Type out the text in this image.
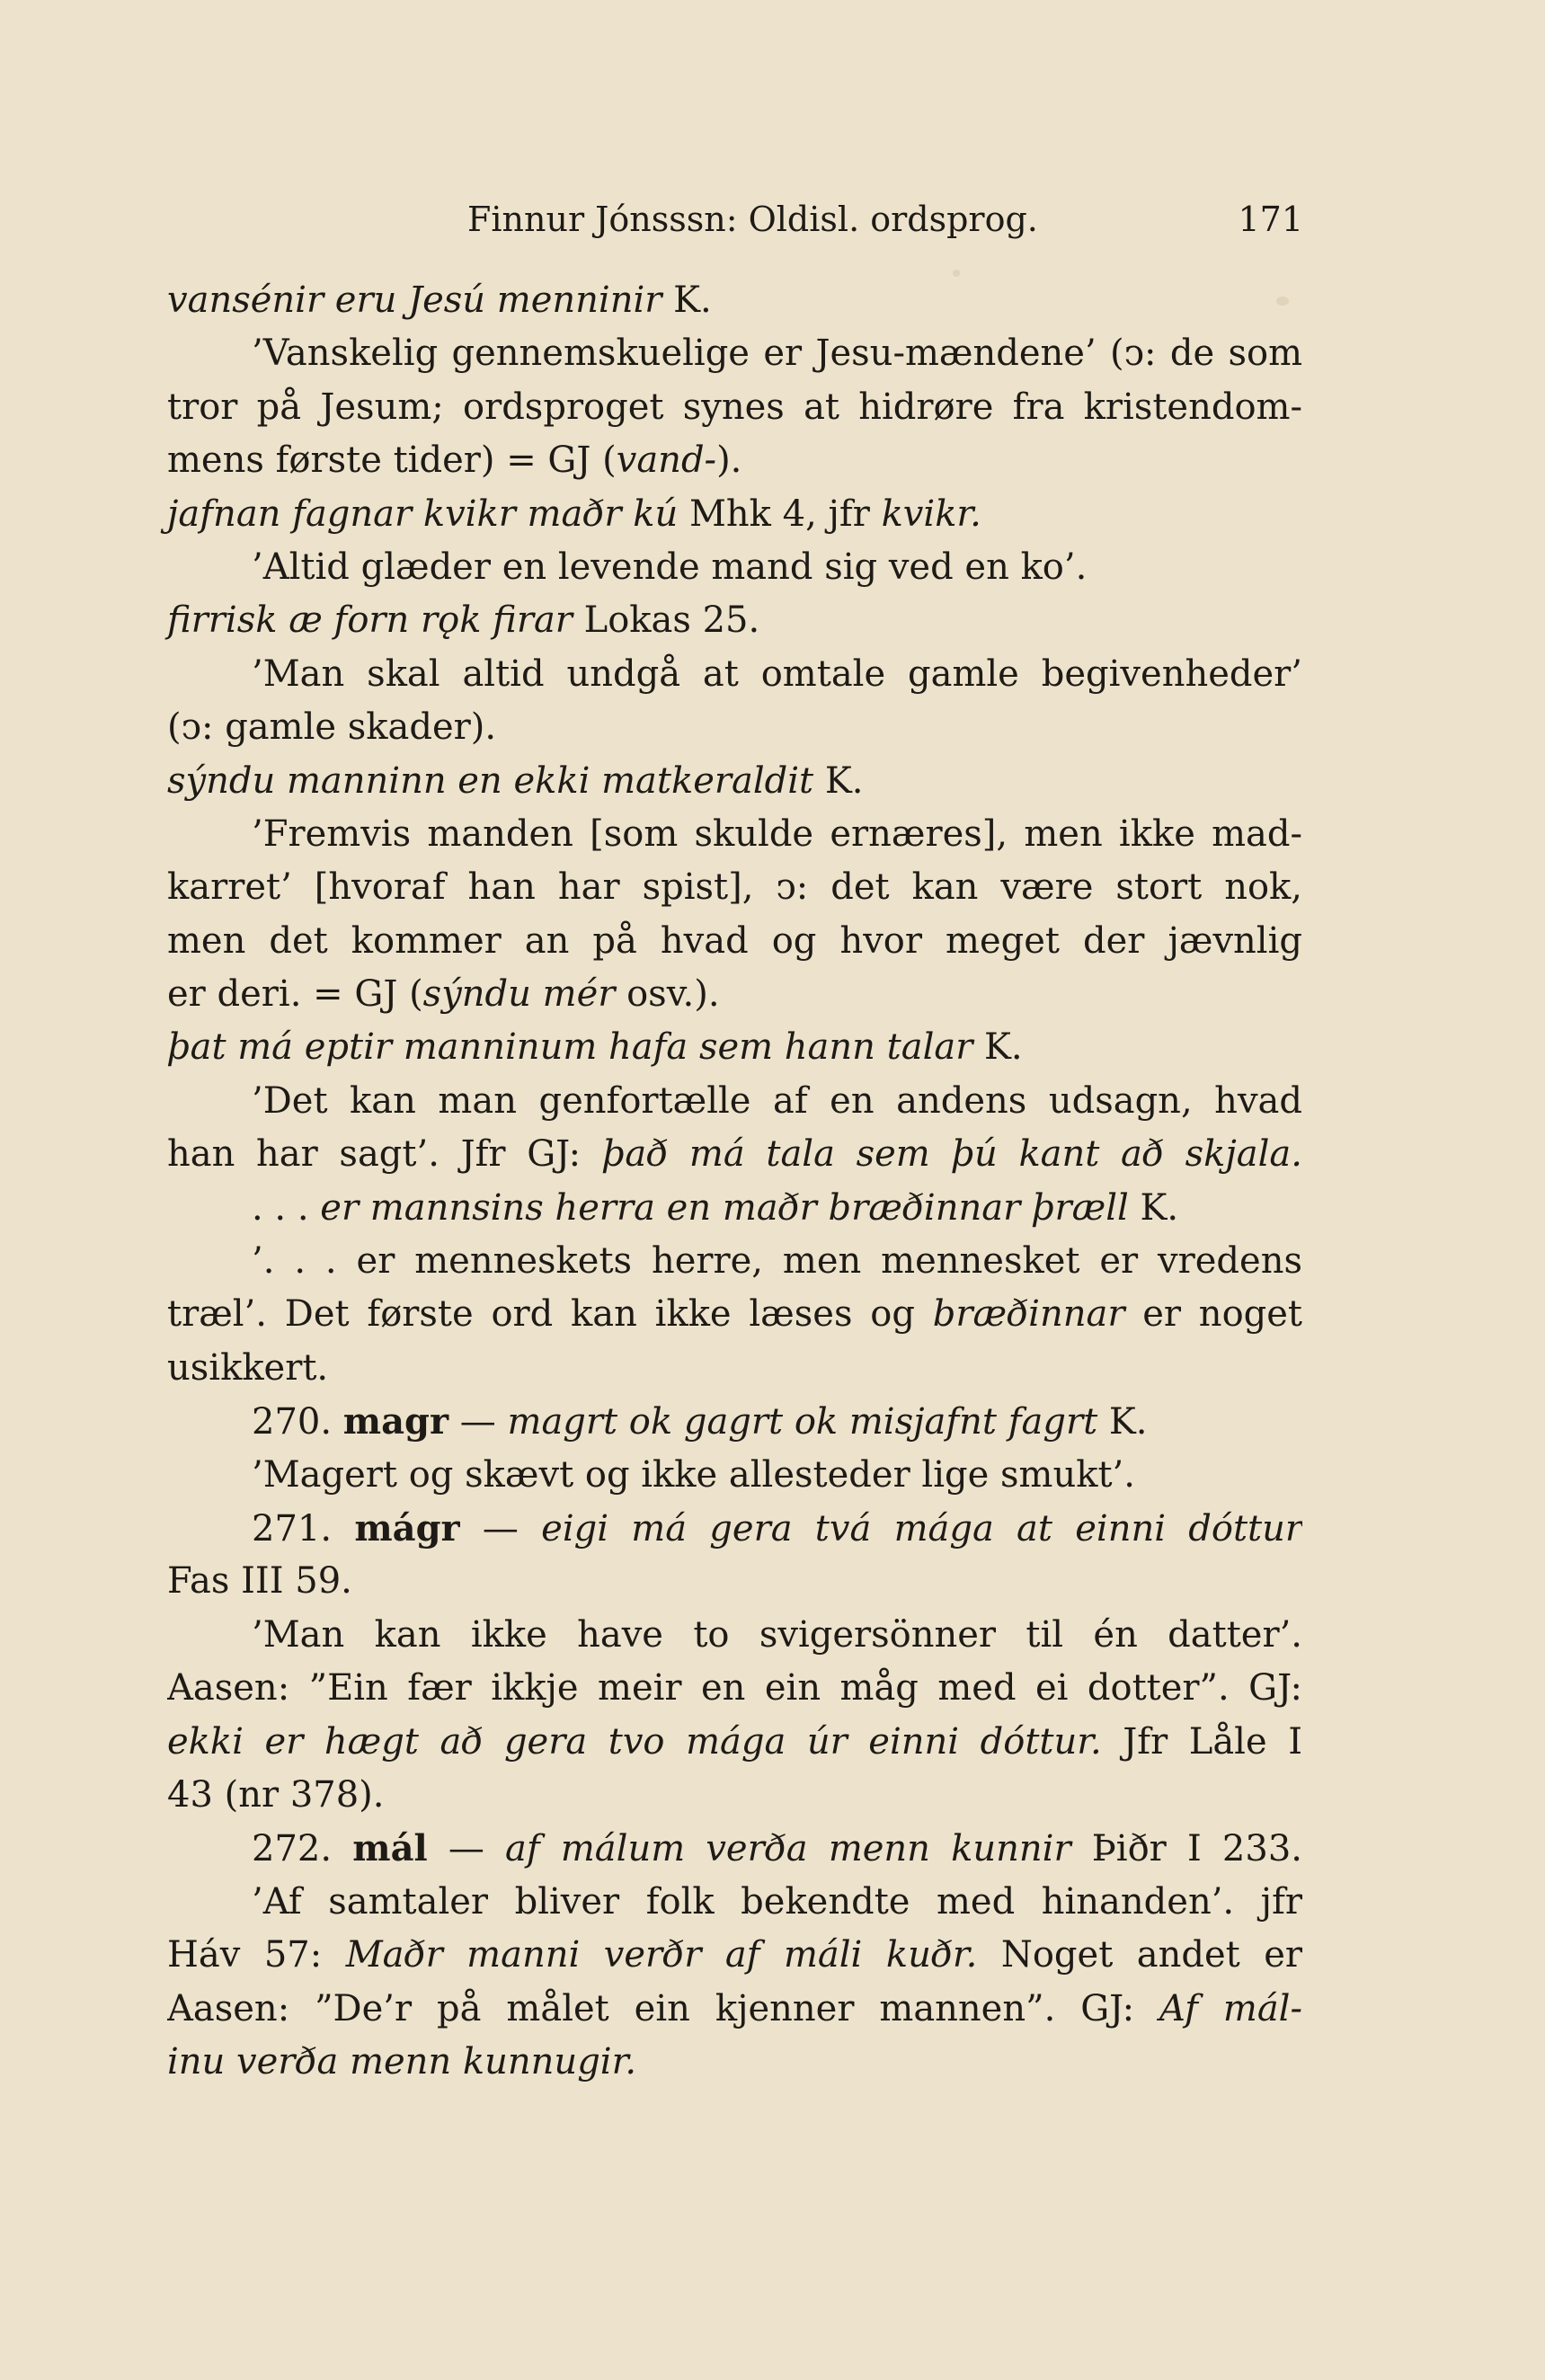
Finnur Jónsssn: Oldisl. ordsprog.	171
vansénir eru Jesú menninir K.
’Vanskelig gennemskuelige er Jesu-mændene’ (ↄ: de som
tror på Jesum; ordsproget synes at hidrøre fra kristendom-
mens første tider) = GJ (vand-).
jafnan fagnar kvikr maðr kú Mhk 4, jfr kvikr.
’Altid glæder en levende mand sig ved en ko’.
firrisk æ forn rǫk firar Lokas 25.
’Man skal altid undgå at omtale gamle begivenheder’
(ↄ: gamle skader).
sýndu manninn en ekki matkeraldit K.
’Fremvis manden [som skulde ernæres], men ikke mad-
karret’ [hvoraf han har spist], ↄ: det kan være stort nok,
men det kommer an på hvad og hvor meget der jævnlig
er deri. = GJ (sýndu mér osv.).
þat má eptir manninum hafa sem hann talar K.
’Det kan man genfortælle af en andens udsagn, hvad
han har sagt’. Jfr GJ: það má tala sem þú kant að skjala.
. . . er mannsins herra en maðr bræðinnar þræll K.
’. . . er menneskets herre, men mennesket er vredens
træl’. Det første ord kan ikke læses og bræðinnar er noget
usikkert.
270. magr — magrt ok gagrt ok misjafnt fagrt K.
’Magert og skævt og ikke allesteder lige smukt’.
271. mágr — eigi má gera tvá mága at einni dóttur
Fas III 59.
’Man kan ikke have to svigersönner til én datter’.
Aasen: ”Ein fær ikkje meir en ein måg med ei dotter”. GJ:
ekki er hægt að gera tvo mága úr einni dóttur. Jfr Låle I
43 (nr 378).
272. mál — af málum verða menn kunnir Þiðr I 233.
’Af samtaler bliver folk bekendte med hinanden’. jfr
Háv 57: Maðr manni verðr af máli kuðr. Noget andet er
Aasen: ”De’r på målet ein kjenner mannen”. GJ: Af mál-
inu verða menn kunnugir.
